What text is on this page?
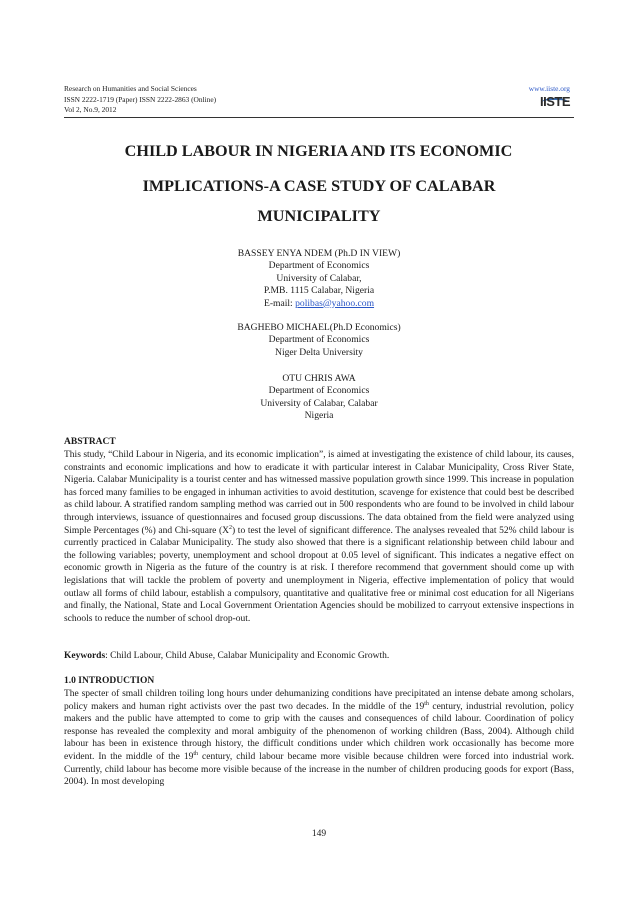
Research on Humanities and Social Sciences
ISSN 2222-1719 (Paper) ISSN 2222-2863 (Online)
Vol 2, No.9, 2012
www.iiste.org
IISTE
CHILD LABOUR IN NIGERIA AND ITS ECONOMIC
IMPLICATIONS-A CASE STUDY OF CALABAR
MUNICIPALITY
BASSEY ENYA NDEM (Ph.D IN VIEW)
Department of Economics
University of Calabar,
P.MB. 1115 Calabar, Nigeria
E-mail: polibas@yahoo.com
BAGHEBO MICHAEL(Ph.D Economics)
Department of Economics
Niger Delta University
OTU CHRIS AWA
Department of Economics
University of Calabar, Calabar
Nigeria
ABSTRACT
This study, “Child Labour in Nigeria, and its economic implication”, is aimed at investigating the existence of child labour, its causes, constraints and economic implications and how to eradicate it with particular interest in Calabar Municipality, Cross River State, Nigeria. Calabar Municipality is a tourist center and has witnessed massive population growth since 1999. This increase in population has forced many families to be engaged in inhuman activities to avoid destitution, scavenge for existence that could best be described as child labour. A stratified random sampling method was carried out in 500 respondents who are found to be involved in child labour through interviews, issuance of questionnaires and focused group discussions. The data obtained from the field were analyzed using Simple Percentages (%) and Chi-square $(X^2)$ to test the level of significant difference. The analyses revealed that 52% child labour is currently practiced in Calabar Municipality. The study also showed that there is a significant relationship between child labour and the following variables; poverty, unemployment and school dropout at 0.05 level of significant. This indicates a negative effect on economic growth in Nigeria as the future of the country is at risk. I therefore recommend that government should come up with legislations that will tackle the problem of poverty and unemployment in Nigeria, effective implementation of policy that would outlaw all forms of child labour, establish a compulsory, quantitative and qualitative free or minimal cost education for all Nigerians and finally, the National, State and Local Government Orientation Agencies should be mobilized to carryout extensive inspections in schools to reduce the number of school drop-out.
Keywords: Child Labour, Child Abuse, Calabar Municipality and Economic Growth.
1.0 INTRODUCTION
The specter of small children toiling long hours under dehumanizing conditions have precipitated an intense debate among scholars, policy makers and human right activists over the past two decades. In the middle of the 19th century, industrial revolution, policy makers and the public have attempted to come to grip with the causes and consequences of child labour. Coordination of policy response has revealed the complexity and moral ambiguity of the phenomenon of working children (Bass, 2004). Although child labour has been in existence through history, the difficult conditions under which children work occasionally has become more evident. In the middle of the 19th century, child labour became more visible because children were forced into industrial work. Currently, child labour has become more visible because of the increase in the number of children producing goods for export (Bass, 2004). In most developing
149
